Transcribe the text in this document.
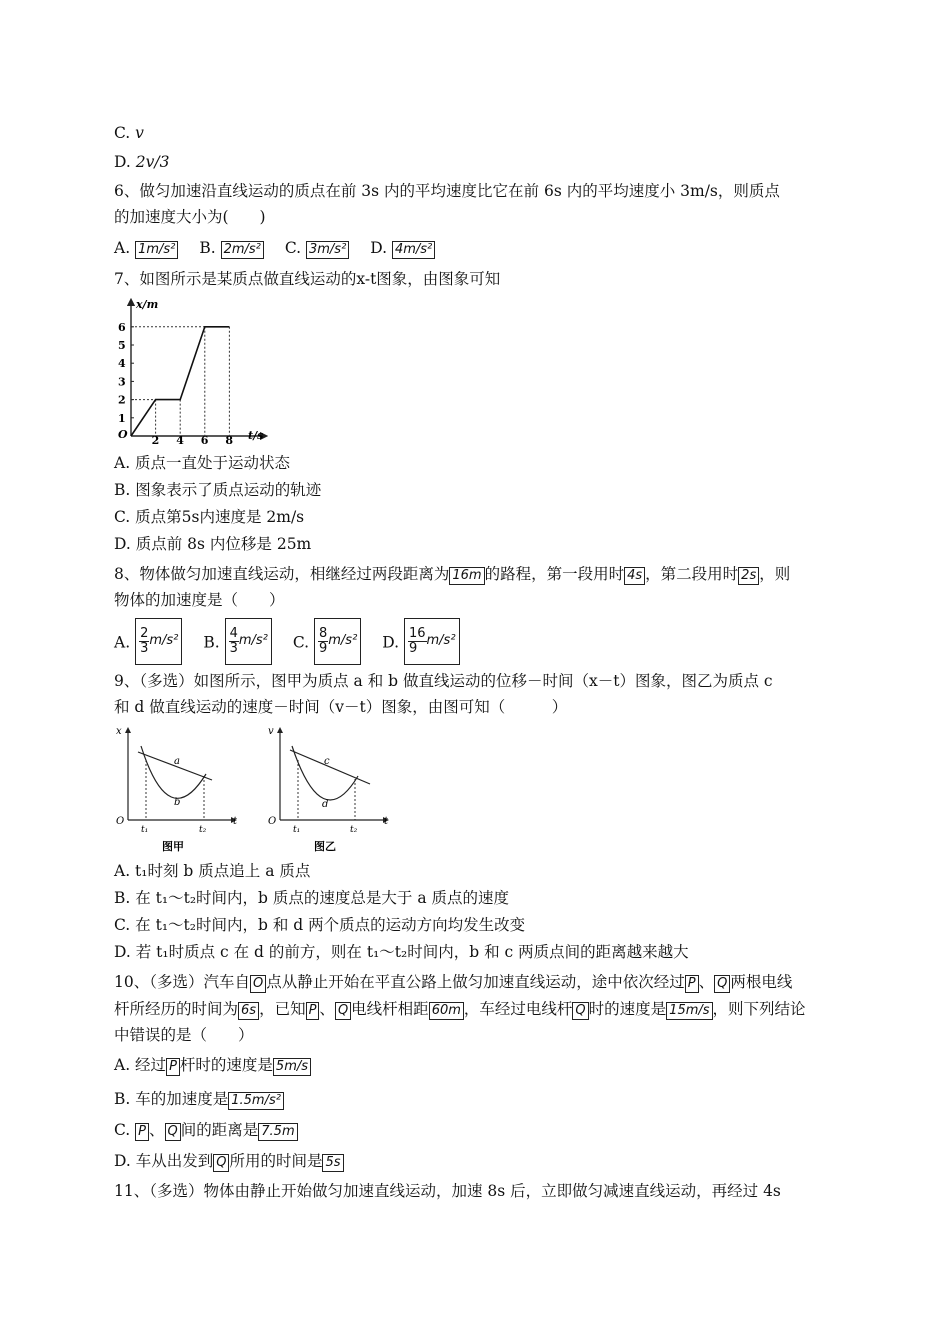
C. v
D. 2v/3
6、做匀加速沿直线运动的质点在前 3s 内的平均速度比它在前 6s 内的平均速度小 3m/s，则质点
的加速度大小为(　　)
A. 1m/s² B. 2m/s² C. 3m/s² D. 4m/s²
7、如图所示是某质点做直线运动的x-t图象，由图象可知
x/m
t/s
O
1
2
3
4
5
6
2 4 6 8
A. 质点一直处于运动状态
B. 图象表示了质点运动的轨迹
C. 质点第5s内速度是 2m/s
D. 质点前 8s 内位移是 25m
8、物体做匀加速直线运动，相继经过两段距离为 16m 的路程，第一段用时 4s ，第二段用时 2s ，则
物体的加速度是（　　）
A. $\frac{2}{3} m/s^2$ B. $\frac{4}{3} m/s^2$ C. $\frac{8}{9} m/s^2$ D. $\frac{16}{9} m/s^2$
9、（多选）如图所示，图甲为质点 a 和 b 做直线运动的位移－时间（x－t）图象，图乙为质点 c
和 d 做直线运动的速度－时间（v－t）图象，由图可知（　　　）
x
t
O
a
b
t₁	t₂
图甲
v
t
O
c
d
t₁	t₂
图乙
A. t₁时刻 b 质点追上 a 质点
B. 在 t₁～t₂时间内，b 质点的速度总是大于 a 质点的速度
C. 在 t₁～t₂时间内，b 和 d 两个质点的运动方向均发生改变
D. 若 t₁时质点 c 在 d 的前方，则在 t₁～t₂时间内，b 和 c 两质点间的距离越来越大
10、（多选）汽车自 O 点从静止开始在平直公路上做匀加速直线运动，途中依次经过 P 、 Q 两根电线
杆所经历的时间为 6s ，已知 P 、 Q 电线杆相距 60m ，车经过电线杆 Q 时的速度是 15m/s ，则下列结论
中错误的是（　　）
A. 经过 P 杆时的速度是 5m/s
B. 车的加速度是 1.5m/s²
C. P 、 Q 间的距离是 7.5m
D. 车从出发到 Q 所用的时间是 5s
11、（多选）物体由静止开始做匀加速直线运动，加速 8s 后，立即做匀减速直线运动，再经过 4s
